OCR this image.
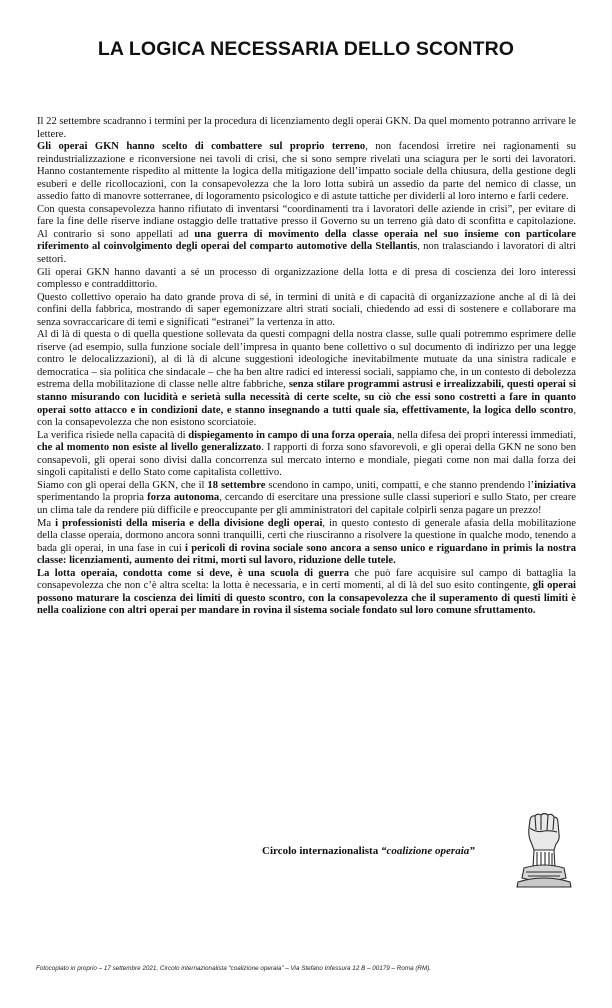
LA LOGICA NECESSARIA DELLO SCONTRO

Il 22 settembre scadranno i termini per la procedura di licenziamento degli operai GKN. Da quel momento potranno arrivare le lettere.

Gli operai GKN hanno scelto di combattere sul proprio terreno, non facendosi irretire nei ragionamenti su reindustrializzazione e riconversione nei tavoli di crisi, che si sono sempre rivelati una sciagura per le sorti dei lavoratori. Hanno costantemente rispedito al mittente la logica della mitigazione dell’impatto sociale della chiusura, della gestione degli esuberi e delle ricollocazioni, con la consapevolezza che la loro lotta subirà un assedio da parte del nemico di classe, un assedio fatto di manovre sotterranee, di logoramento psicologico e di astute tattiche per dividerli al loro interno e farli cedere.

Con questa consapevolezza hanno rifiutato di inventarsi “coordinamenti tra i lavoratori delle aziende in crisi”, per evitare di fare la fine delle riserve indiane ostaggio delle trattative presso il Governo su un terreno già dato di sconfitta e capitolazione. Al contrario si sono appellati ad una guerra di movimento della classe operaia nel suo insieme con particolare riferimento al coinvolgimento degli operai del comparto automotive della Stellantis, non tralasciando i lavoratori di altri settori.

Gli operai GKN hanno davanti a sé un processo di organizzazione della lotta e di presa di coscienza dei loro interessi complesso e contraddittorio.

Questo collettivo operaio ha dato grande prova di sé, in termini di unità e di capacità di organizzazione anche al di là dei confini della fabbrica, mostrando di saper egemonizzare altri strati sociali, chiedendo ad essi di sostenere e collaborare ma senza sovraccaricare di temi e significati “estranei” la vertenza in atto.

Al di là di questa o di quella questione sollevata da questi compagni della nostra classe, sulle quali potremmo esprimere delle riserve (ad esempio, sulla funzione sociale dell’impresa in quanto bene collettivo o sul documento di indirizzo per una legge contro le delocalizzazioni), al di là di alcune suggestioni ideologiche inevitabilmente mutuate da una sinistra radicale e democratica – sia politica che sindacale – che ha ben altre radici ed interessi sociali, sappiamo che, in un contesto di debolezza estrema della mobilitazione di classe nelle altre fabbriche, senza stilare programmi astrusi e irrealizzabili, questi operai si stanno misurando con lucidità e serietà sulla necessità di certe scelte, su ciò che essi sono costretti a fare in quanto operai sotto attacco e in condizioni date, e stanno insegnando a tutti quale sia, effettivamente, la logica dello scontro, con la consapevolezza che non esistono scorciatoie.

La verifica risiede nella capacità di dispiegamento in campo di una forza operaia, nella difesa dei propri interessi immediati, che al momento non esiste al livello generalizzato. I rapporti di forza sono sfavorevoli, e gli operai della GKN ne sono ben consapevoli, gli operai sono divisi dalla concorrenza sul mercato interno e mondiale, piegati come non mai dalla forza dei singoli capitalisti e dello Stato come capitalista collettivo.

Siamo con gli operai della GKN, che il 18 settembre scendono in campo, uniti, compatti, e che stanno prendendo l’iniziativa sperimentando la propria forza autonoma, cercando di esercitare una pressione sulle classi superiori e sullo Stato, per creare un clima tale da rendere più difficile e preoccupante per gli amministratori del capitale colpirli senza pagare un prezzo!

Ma i professionisti della miseria e della divisione degli operai, in questo contesto di generale afasia della mobilitazione della classe operaia, dormono ancora sonni tranquilli, certi che riusciranno a risolvere la questione in qualche modo, tenendo a bada gli operai, in una fase in cui i pericoli di rovina sociale sono ancora a senso unico e riguardano in primis la nostra classe: licenziamenti, aumento dei ritmi, morti sul lavoro, riduzione delle tutele.

La lotta operaia, condotta come si deve, è una scuola di guerra che può fare acquisire sul campo di battaglia la consapevolezza che non c’è altra scelta: la lotta è necessaria, e in certi momenti, al di là del suo esito contingente, gli operai possono maturare la coscienza dei limiti di questo scontro, con la consapevolezza che il superamento di questi limiti è nella coalizione con altri operai per mandare in rovina il sistema sociale fondato sul loro comune sfruttamento.

Circolo internazionalista “coalizione operaia”
Fotocopiato in proprio – 17 settembre 2021, Circolo internazionalista “coalizione operaia” – Via Stefano Infessura 12 B – 00179 – Roma (RM).
